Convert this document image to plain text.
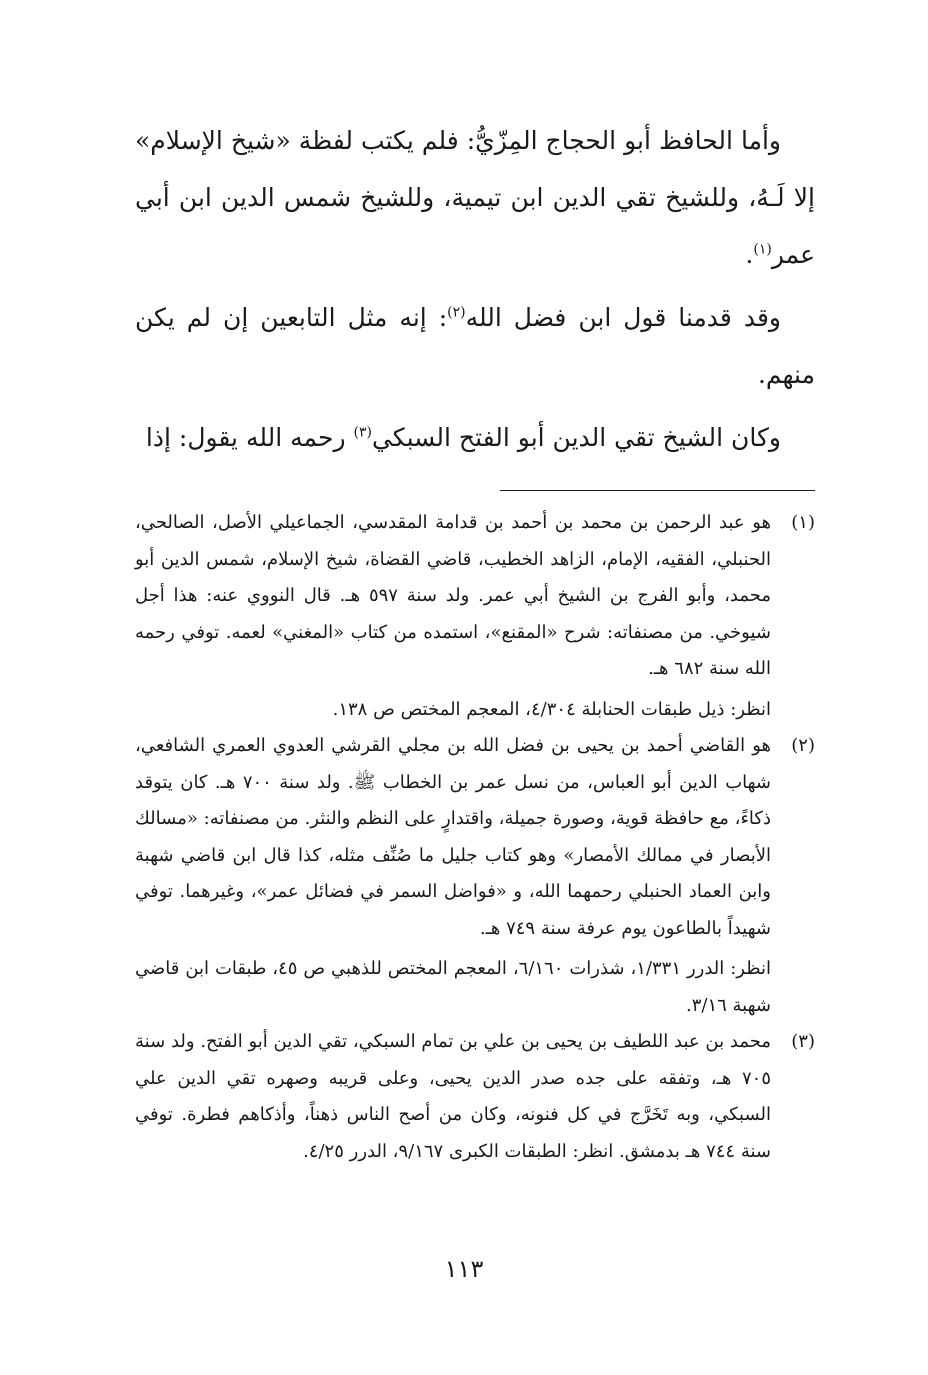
وأما الحافظ أبو الحجاج المِزّيُّ: فلم يكتب لفظة «شيخ الإسلام» إلا لَـهُ، وللشيخ تقي الدين ابن تيمية، وللشيخ شمس الدين ابن أبي عمر$^{(١)}$.

وقد قدمنا قول ابن فضل الله$^{(٢)}$: إنه مثل التابعين إن لم يكن منهم.

وكان الشيخ تقي الدين أبو الفتح السبكي$^{(٣)}$ رحمه الله يقول: إذا

(١)

هو عبد الرحمن بن محمد بن أحمد بن قدامة المقدسي، الجماعيلي الأصل، الصالحي، الحنبلي، الفقيه، الإمام، الزاهد الخطيب، قاضي القضاة، شيخ الإسلام، شمس الدين أبو محمد، وأبو الفرج بن الشيخ أبي عمر. ولد سنة ٥٩٧ هـ. قال النووي عنه: هذا أجل شيوخي. من مصنفاته: شرح «المقنع»، استمده من كتاب «المغني» لعمه. توفي رحمه الله سنة ٦٨٢ هـ.

انظر: ذيل طبقات الحنابلة ٤/٣٠٤، المعجم المختص ص ١٣٨.

(٢)

هو القاضي أحمد بن يحيى بن فضل الله بن مجلي القرشي العدوي العمري الشافعي، شهاب الدين أبو العباس، من نسل عمر بن الخطاب ﷺ. ولد سنة ٧٠٠ هـ. كان يتوقد ذكاءً، مع حافظة قوية، وصورة جميلة، واقتدارٍ على النظم والنثر. من مصنفاته: «مسالك الأبصار في ممالك الأمصار» وهو كتاب جليل ما صُنِّف مثله، كذا قال ابن قاضي شهبة وابن العماد الحنبلي رحمهما الله، و «فواضل السمر في فضائل عمر»، وغيرهما. توفي شهيداً بالطاعون يوم عرفة سنة ٧٤٩ هـ.

انظر: الدرر ١/٣٣١، شذرات ٦/١٦٠، المعجم المختص للذهبي ص ٤٥، طبقات ابن قاضي شهبة ٣/١٦.

(٣)

محمد بن عبد اللطيف بن يحيى بن علي بن تمام السبكي، تقي الدين أبو الفتح. ولد سنة ٧٠٥ هـ، وتفقه على جده صدر الدين يحيى، وعلى قريبه وصهره تقي الدين علي السبكي، وبه تَخَرَّج في كل فنونه، وكان من أصح الناس ذهناً، وأذكاهم فطرة. توفي سنة ٧٤٤ هـ بدمشق. انظر: الطبقات الكبرى ٩/١٦٧، الدرر ٤/٢٥.

١١٣
